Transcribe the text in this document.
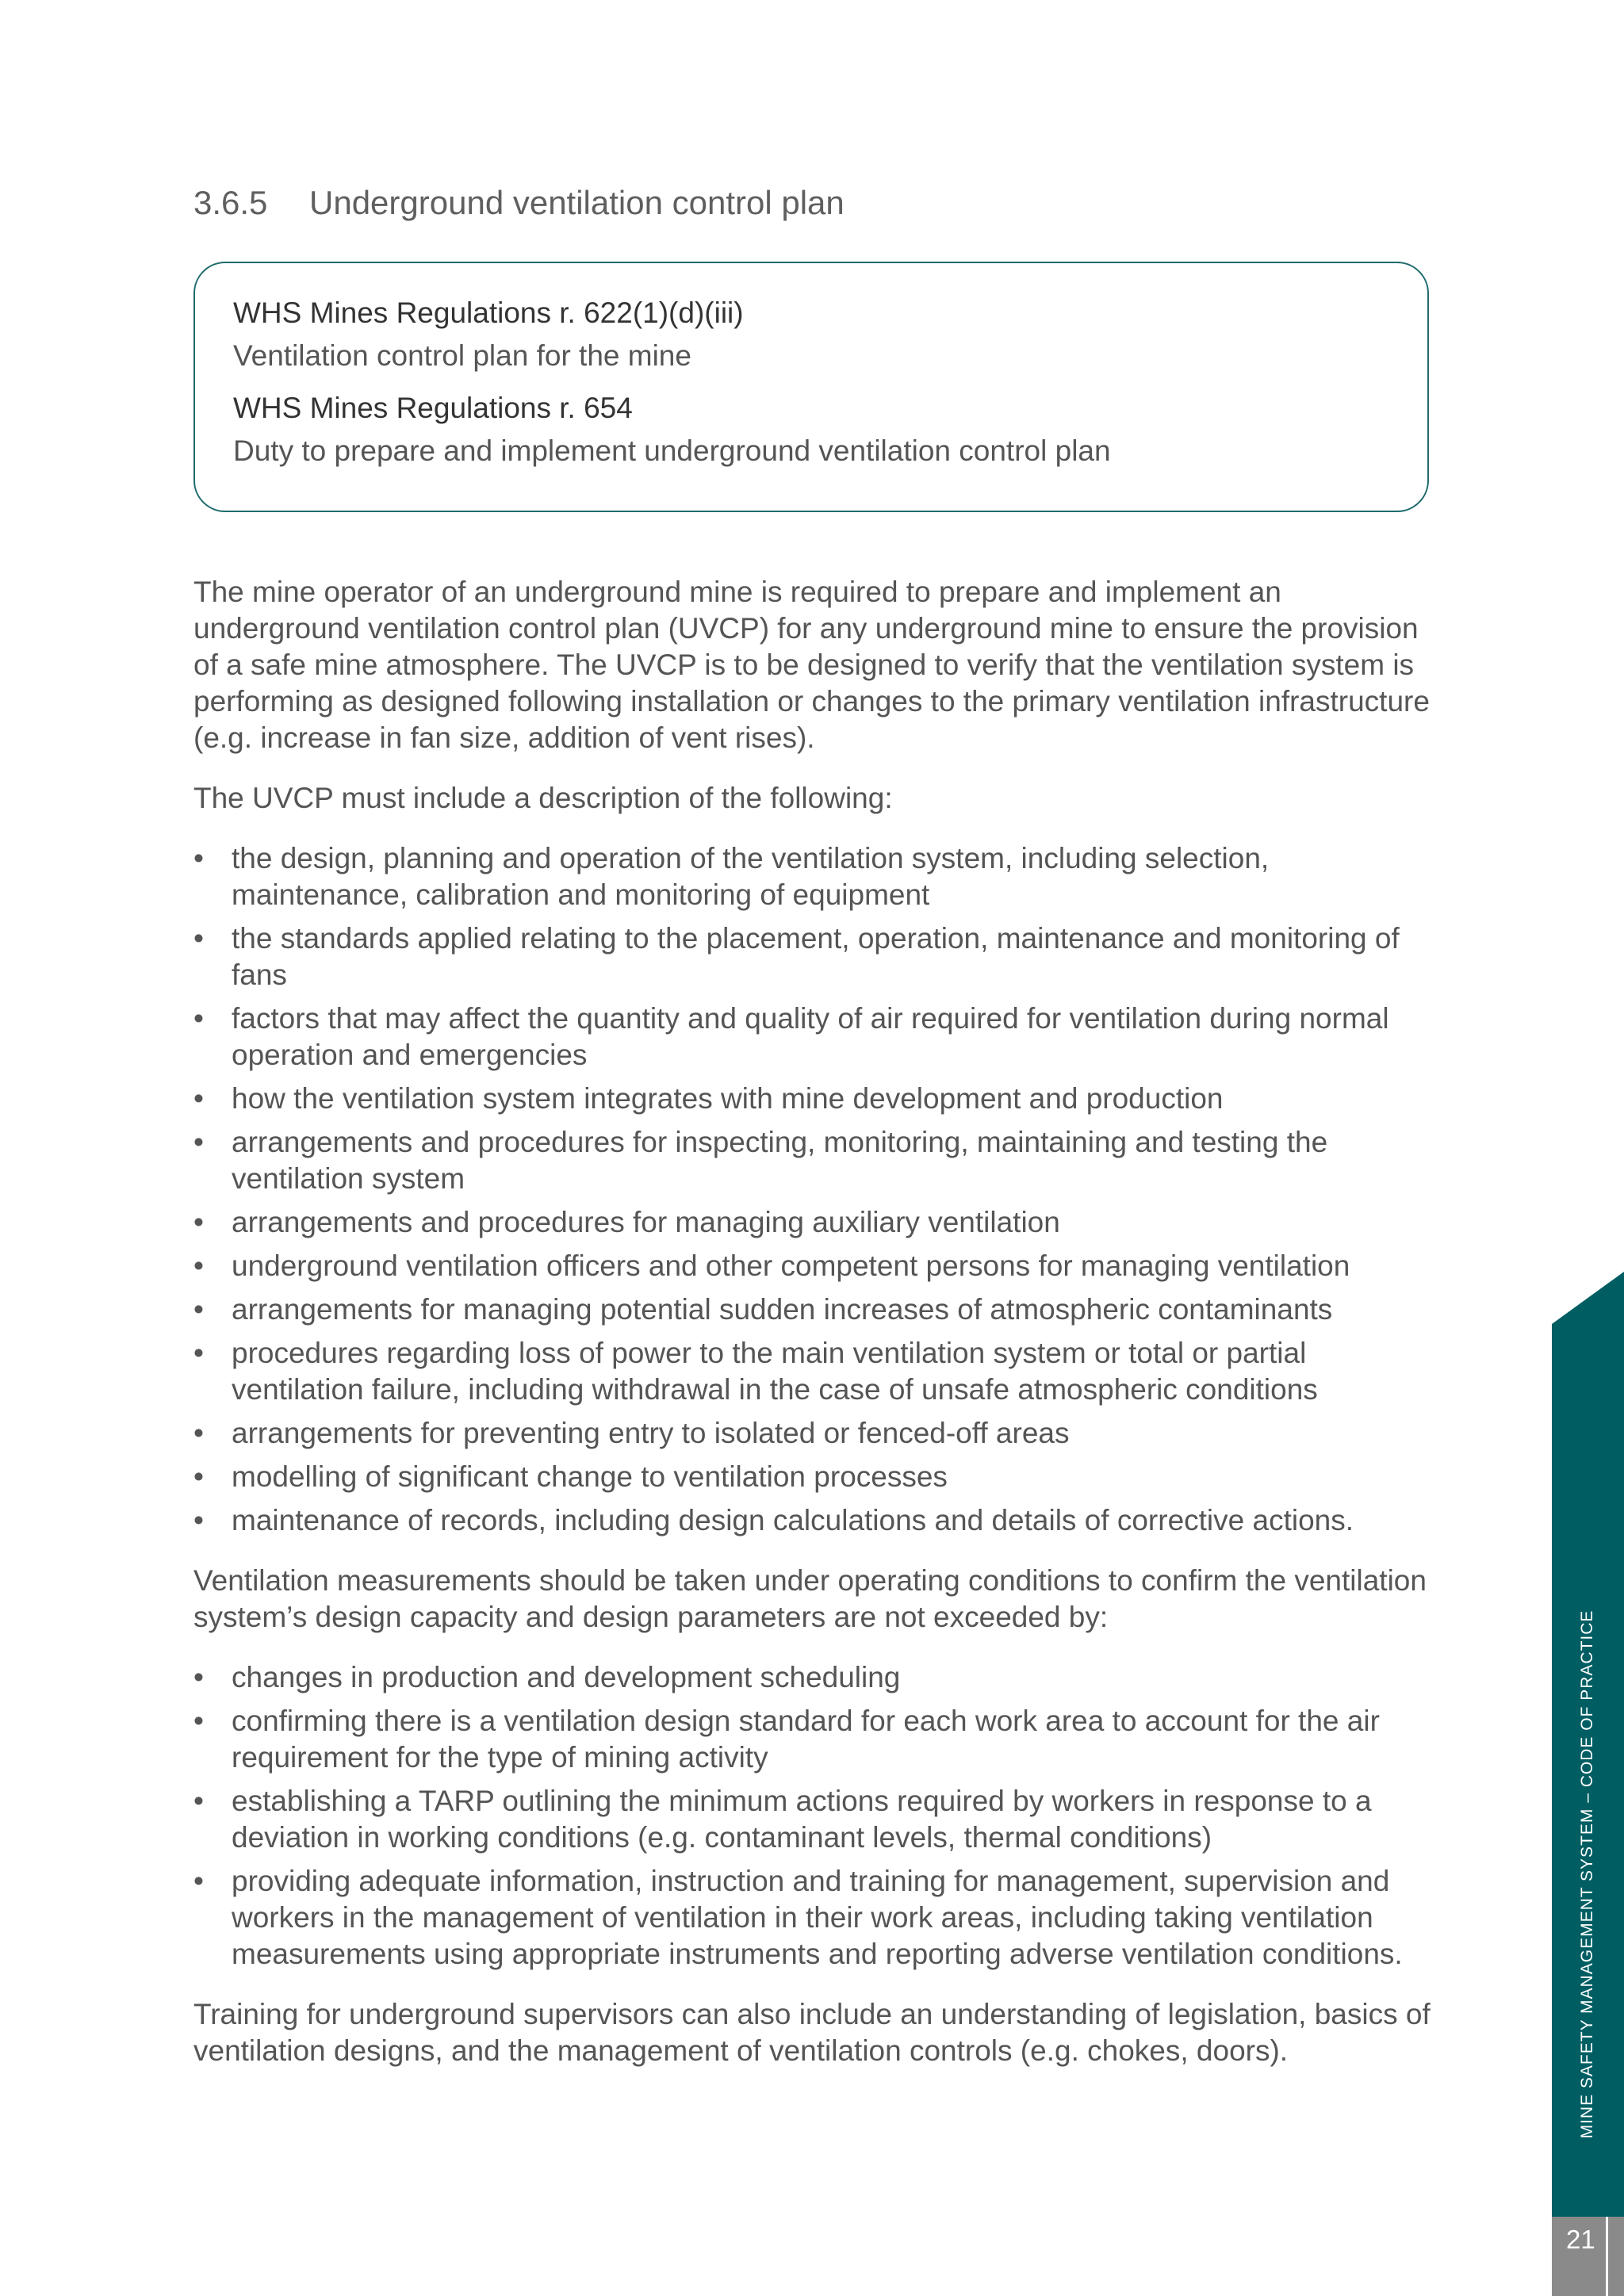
3.6.5 Underground ventilation control plan

WHS Mines Regulations r. 622(1)(d)(iii)

Ventilation control plan for the mine

WHS Mines Regulations r. 654

Duty to prepare and implement underground ventilation control plan

The mine operator of an underground mine is required to prepare and implement an underground ventilation control plan (UVCP) for any underground mine to ensure the provision of a safe mine atmosphere. The UVCP is to be designed to verify that the ventilation system is performing as designed following installation or changes to the primary ventilation infrastructure (e.g. increase in fan size, addition of vent rises).

The UVCP must include a description of the following:

• the design, planning and operation of the ventilation system, including selection, maintenance, calibration and monitoring of equipment
• the standards applied relating to the placement, operation, maintenance and monitoring of fans
• factors that may affect the quantity and quality of air required for ventilation during normal operation and emergencies
• how the ventilation system integrates with mine development and production
• arrangements and procedures for inspecting, monitoring, maintaining and testing the ventilation system
• arrangements and procedures for managing auxiliary ventilation
• underground ventilation officers and other competent persons for managing ventilation
• arrangements for managing potential sudden increases of atmospheric contaminants
• procedures regarding loss of power to the main ventilation system or total or partial ventilation failure, including withdrawal in the case of unsafe atmospheric conditions
• arrangements for preventing entry to isolated or fenced-off areas
• modelling of significant change to ventilation processes
• maintenance of records, including design calculations and details of corrective actions.

Ventilation measurements should be taken under operating conditions to confirm the ventilation system’s design capacity and design parameters are not exceeded by:

• changes in production and development scheduling
• confirming there is a ventilation design standard for each work area to account for the air requirement for the type of mining activity
• establishing a TARP outlining the minimum actions required by workers in response to a deviation in working conditions (e.g. contaminant levels, thermal conditions)
• providing adequate information, instruction and training for management, supervision and workers in the management of ventilation in their work areas, including taking ventilation measurements using appropriate instruments and reporting adverse ventilation conditions.

Training for underground supervisors can also include an understanding of legislation, basics of ventilation designs, and the management of ventilation controls (e.g. chokes, doors).	MINE SAFETY MANAGEMENT SYSTEM – CODE OF PRACTICE
21
